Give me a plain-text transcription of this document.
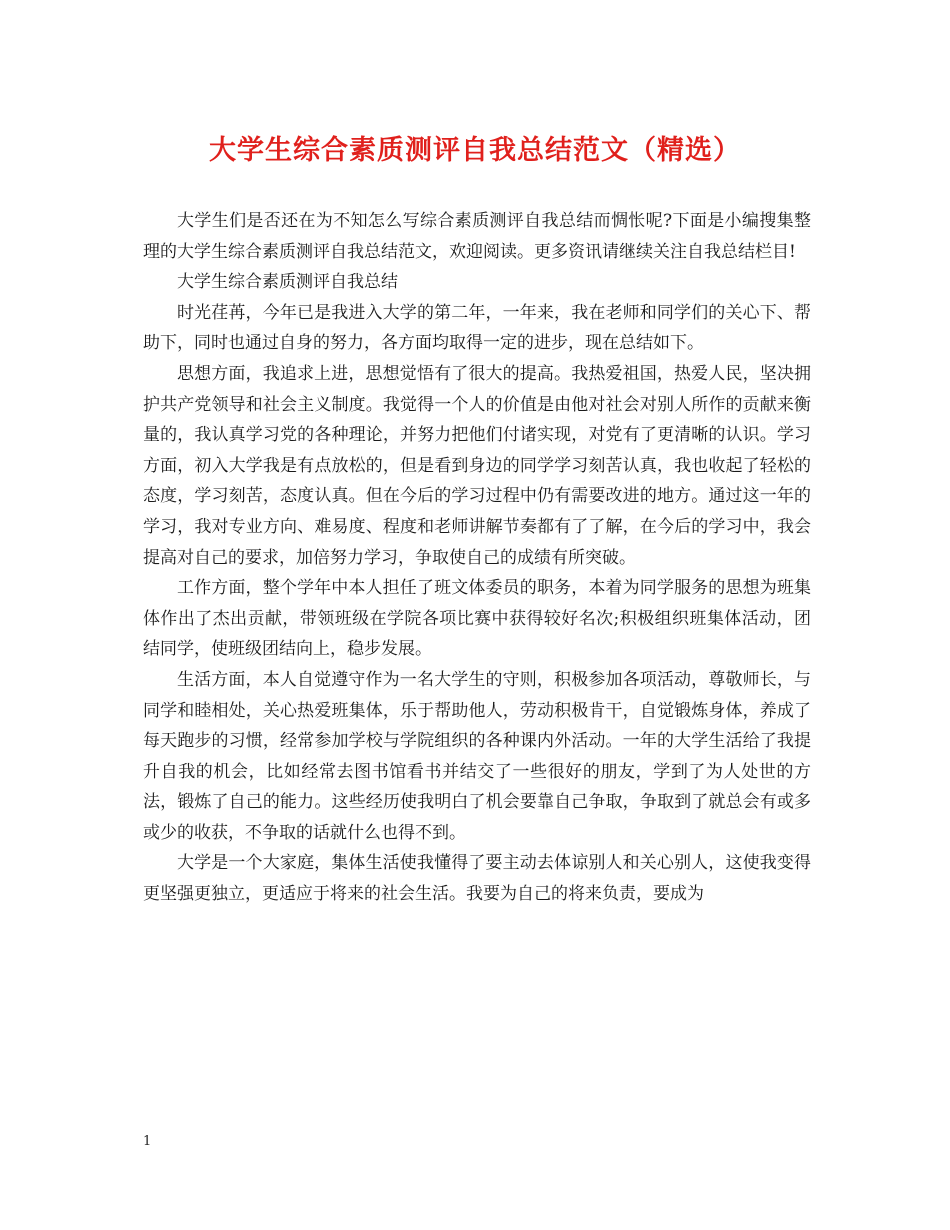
大学生综合素质测评自我总结范文（精选）

大学生们是否还在为不知怎么写综合素质测评自我总结而惆怅呢?下面是小编搜集整理的大学生综合素质测评自我总结范文，欢迎阅读。更多资讯请继续关注自我总结栏目!

大学生综合素质测评自我总结

时光荏苒，今年已是我进入大学的第二年，一年来，我在老师和同学们的关心下、帮助下，同时也通过自身的努力，各方面均取得一定的进步，现在总结如下。

思想方面，我追求上进，思想觉悟有了很大的提高。我热爱祖国，热爱人民，坚决拥护共产党领导和社会主义制度。我觉得一个人的价值是由他对社会对别人所作的贡献来衡量的，我认真学习党的各种理论，并努力把他们付诸实现，对党有了更清晰的认识。学习方面，初入大学我是有点放松的，但是看到身边的同学学习刻苦认真，我也收起了轻松的态度，学习刻苦，态度认真。但在今后的学习过程中仍有需要改进的地方。通过这一年的学习，我对专业方向、难易度、程度和老师讲解节奏都有了了解，在今后的学习中，我会提高对自己的要求，加倍努力学习，争取使自己的成绩有所突破。

工作方面，整个学年中本人担任了班文体委员的职务，本着为同学服务的思想为班集体作出了杰出贡献，带领班级在学院各项比赛中获得较好名次;积极组织班集体活动，团结同学，使班级团结向上，稳步发展。

生活方面，本人自觉遵守作为一名大学生的守则，积极参加各项活动，尊敬师长，与同学和睦相处，关心热爱班集体，乐于帮助他人，劳动积极肯干，自觉锻炼身体，养成了每天跑步的习惯，经常参加学校与学院组织的各种课内外活动。一年的大学生活给了我提升自我的机会，比如经常去图书馆看书并结交了一些很好的朋友，学到了为人处世的方法，锻炼了自己的能力。这些经历使我明白了机会要靠自己争取，争取到了就总会有或多或少的收获，不争取的话就什么也得不到。

大学是一个大家庭，集体生活使我懂得了要主动去体谅别人和关心别人，这使我变得更坚强更独立，更适应于将来的社会生活。我要为自己的将来负责，要成为

1
